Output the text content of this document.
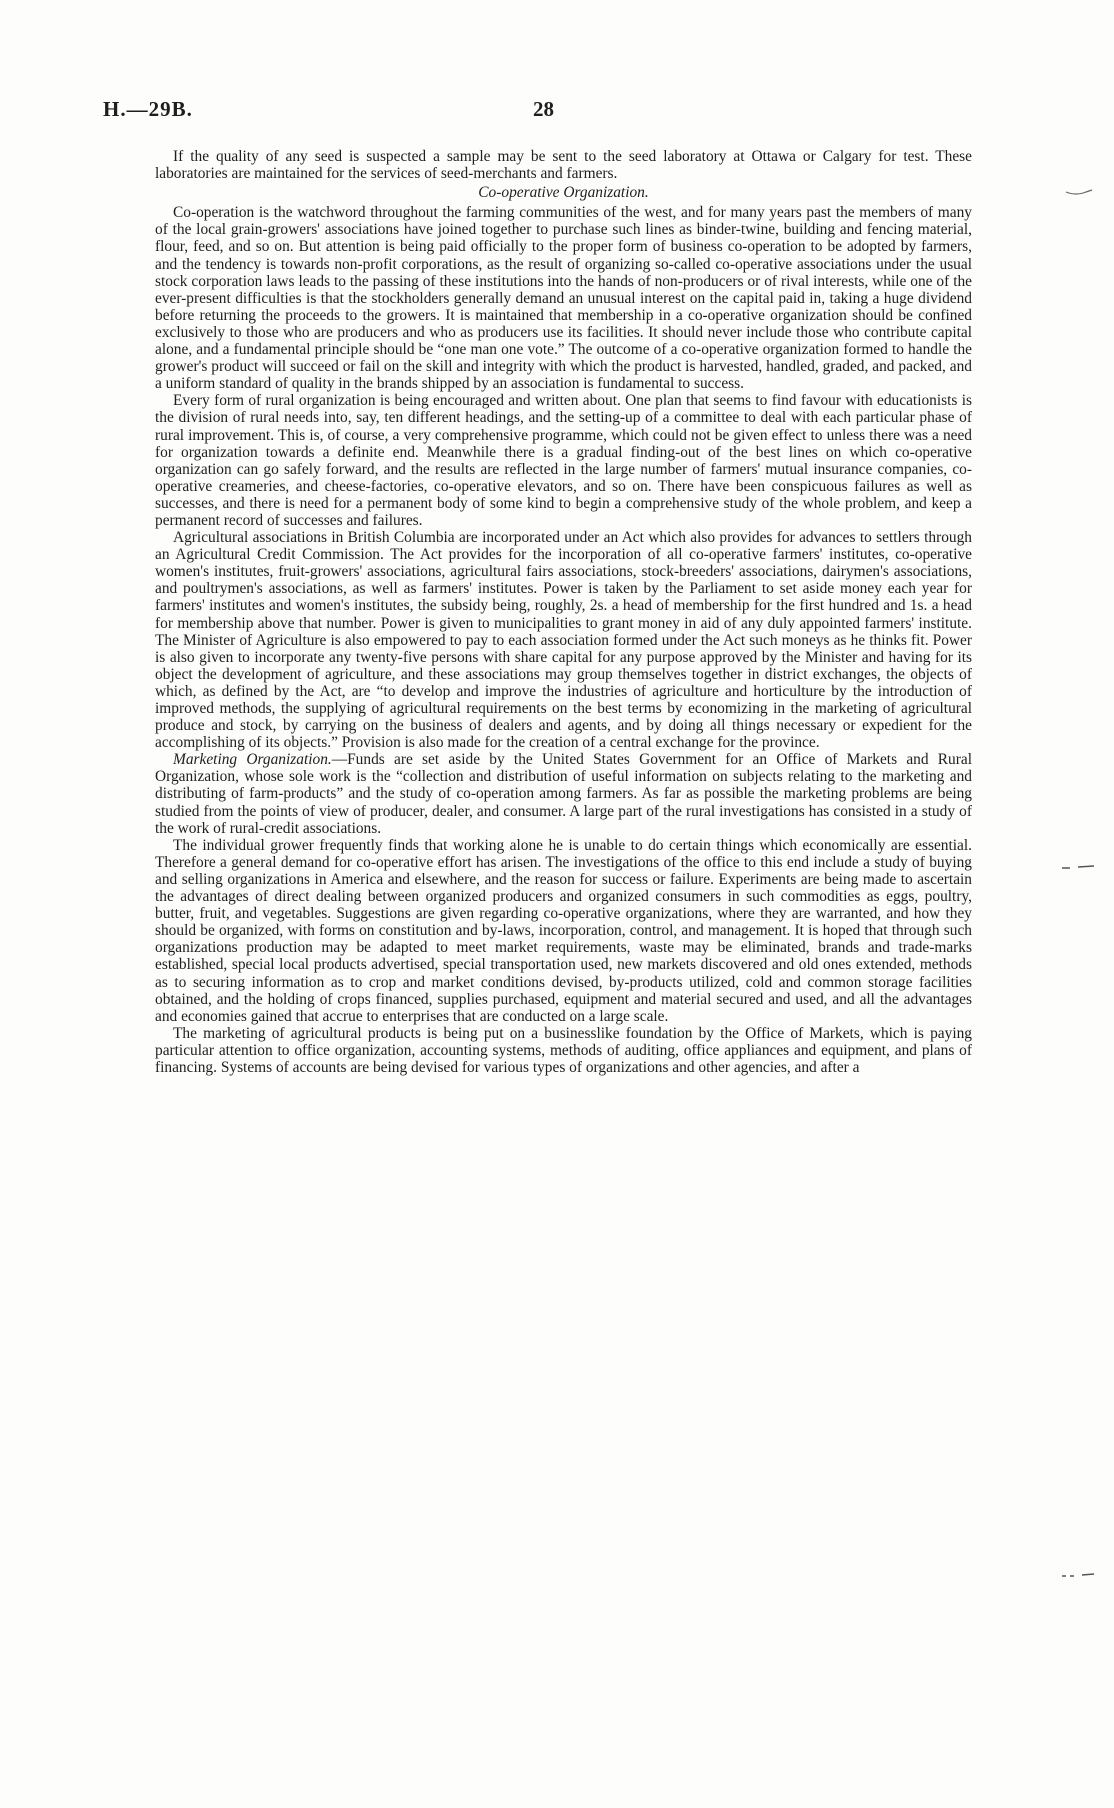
H.—29B.	28

If the quality of any seed is suspected a sample may be sent to the seed laboratory at Ottawa or Calgary for test. These laboratories are maintained for the services of seed-merchants and farmers.

Co-operative Organization.

Co-operation is the watchword throughout the farming communities of the west, and for many years past the members of many of the local grain-growers' associations have joined together to purchase such lines as binder-twine, building and fencing material, flour, feed, and so on. But attention is being paid officially to the proper form of business co-operation to be adopted by farmers, and the tendency is towards non-profit corporations, as the result of organizing so-called co-operative associations under the usual stock corporation laws leads to the passing of these institutions into the hands of non-producers or of rival interests, while one of the ever-present difficulties is that the stockholders generally demand an unusual interest on the capital paid in, taking a huge dividend before returning the proceeds to the growers. It is maintained that membership in a co-operative organization should be confined exclusively to those who are producers and who as producers use its facilities. It should never include those who contribute capital alone, and a fundamental principle should be “one man one vote.” The outcome of a co-operative organization formed to handle the grower's product will succeed or fail on the skill and integrity with which the product is harvested, handled, graded, and packed, and a uniform standard of quality in the brands shipped by an association is fundamental to success.

Every form of rural organization is being encouraged and written about. One plan that seems to find favour with educationists is the division of rural needs into, say, ten different headings, and the setting-up of a committee to deal with each particular phase of rural improvement. This is, of course, a very comprehensive programme, which could not be given effect to unless there was a need for organization towards a definite end. Meanwhile there is a gradual finding-out of the best lines on which co-operative organization can go safely forward, and the results are reflected in the large number of farmers' mutual insurance companies, co-operative creameries, and cheese-factories, co-operative elevators, and so on. There have been conspicuous failures as well as successes, and there is need for a permanent body of some kind to begin a comprehensive study of the whole problem, and keep a permanent record of successes and failures.

Agricultural associations in British Columbia are incorporated under an Act which also provides for advances to settlers through an Agricultural Credit Commission. The Act provides for the incorporation of all co-operative farmers' institutes, co-operative women's institutes, fruit-growers' associations, agricultural fairs associations, stock-breeders' associations, dairymen's associations, and poultrymen's associations, as well as farmers' institutes. Power is taken by the Parliament to set aside money each year for farmers' institutes and women's institutes, the subsidy being, roughly, 2s. a head of membership for the first hundred and 1s. a head for membership above that number. Power is given to municipalities to grant money in aid of any duly appointed farmers' institute. The Minister of Agriculture is also empowered to pay to each association formed under the Act such moneys as he thinks fit. Power is also given to incorporate any twenty-five persons with share capital for any purpose approved by the Minister and having for its object the development of agriculture, and these associations may group themselves together in district exchanges, the objects of which, as defined by the Act, are “to develop and improve the industries of agriculture and horticulture by the introduction of improved methods, the supplying of agricultural requirements on the best terms by economizing in the marketing of agricultural produce and stock, by carrying on the business of dealers and agents, and by doing all things necessary or expedient for the accomplishing of its objects.” Provision is also made for the creation of a central exchange for the province.

Marketing Organization.—Funds are set aside by the United States Government for an Office of Markets and Rural Organization, whose sole work is the “collection and distribution of useful information on subjects relating to the marketing and distributing of farm-products” and the study of co-operation among farmers. As far as possible the marketing problems are being studied from the points of view of producer, dealer, and consumer. A large part of the rural investigations has consisted in a study of the work of rural-credit associations.

The individual grower frequently finds that working alone he is unable to do certain things which economically are essential. Therefore a general demand for co-operative effort has arisen. The investigations of the office to this end include a study of buying and selling organizations in America and elsewhere, and the reason for success or failure. Experiments are being made to ascertain the advantages of direct dealing between organized producers and organized consumers in such commodities as eggs, poultry, butter, fruit, and vegetables. Suggestions are given regarding co-operative organizations, where they are warranted, and how they should be organized, with forms on constitution and by-laws, incorporation, control, and management. It is hoped that through such organizations production may be adapted to meet market requirements, waste may be eliminated, brands and trade-marks established, special local products advertised, special transportation used, new markets discovered and old ones extended, methods as to securing information as to crop and market conditions devised, by-products utilized, cold and common storage facilities obtained, and the holding of crops financed, supplies purchased, equipment and material secured and used, and all the advantages and economies gained that accrue to enterprises that are conducted on a large scale.

The marketing of agricultural products is being put on a businesslike foundation by the Office of Markets, which is paying particular attention to office organization, accounting systems, methods of auditing, office appliances and equipment, and plans of financing. Systems of accounts are being devised for various types of organizations and other agencies, and after a
